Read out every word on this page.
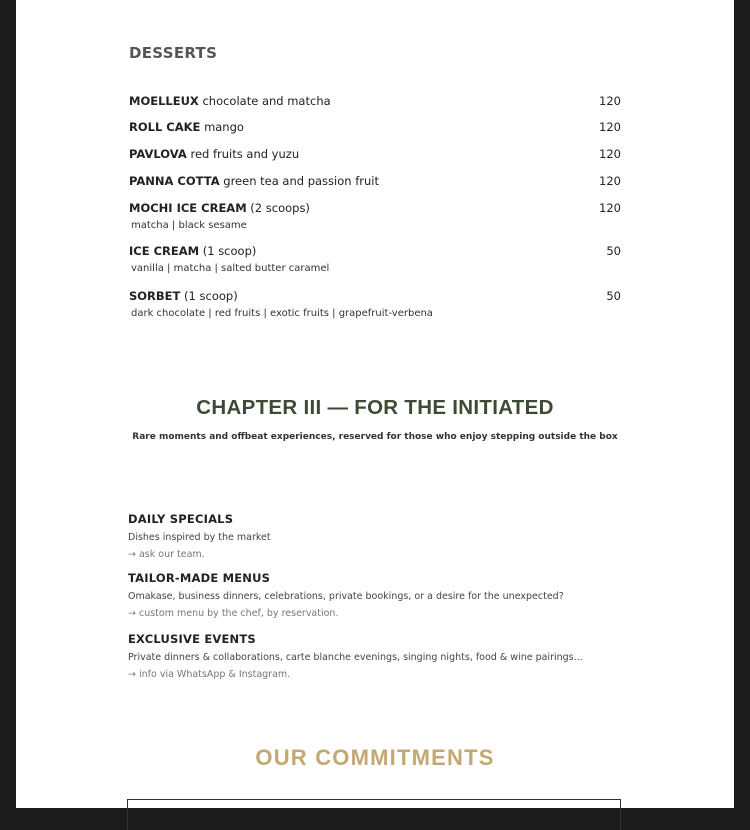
DESSERTS
MOELLEUX chocolate and matcha	120
ROLL CAKE mango	120
PAVLOVA red fruits and yuzu	120
PANNA COTTA green tea and passion fruit	120
MOCHI ICE CREAM (2 scoops)	120
matcha | black sesame
ICE CREAM (1 scoop)	50
vanilla | matcha | salted butter caramel
SORBET (1 scoop)	50
dark chocolate | red fruits | exotic fruits | grapefruit-verbena
CHAPTER III — FOR THE INITIATED
Rare moments and offbeat experiences, reserved for those who enjoy stepping outside the box
DAILY SPECIALS
Dishes inspired by the market
→ ask our team.
TAILOR-MADE MENUS
Omakase, business dinners, celebrations, private bookings, or a desire for the unexpected?
→ custom menu by the chef, by reservation.
EXCLUSIVE EVENTS
Private dinners & collaborations, carte blanche evenings, singing nights, food & wine pairings...
→ info via WhatsApp & Instagram.
OUR COMMITMENTS
